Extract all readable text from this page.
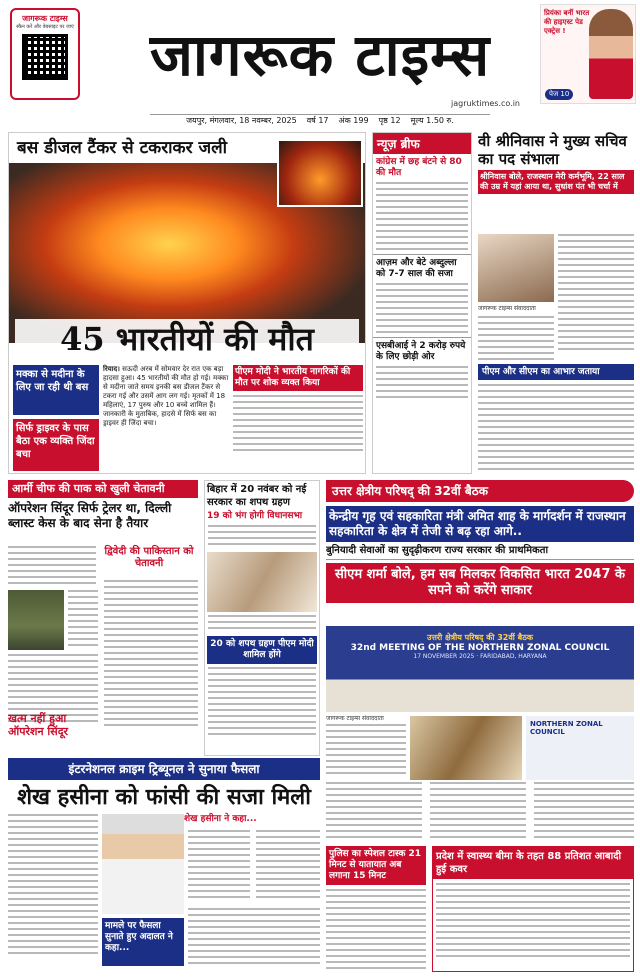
जागरूक टाइम्स
स्कैन करें और वेबसाइट पर जाएं	जागरूक टाइम्स
jagruktimes.co.in
प्रियंका बनीं भारत की हाइएस्ट पेड एक्ट्रेस !
पेज 10
जयपुर, मंगलवार, 18 नवम्बर, 2025 वर्ष 17 अंक 199 पृष्ठ 12 मूल्य 1.50 रु.
बस डीजल टैंकर से टकराकर जली
45 भारतीयों की मौत
मक्का से मदीना के लिए जा रही थी बस
सिर्फ ड्राइवर के पास बैठा एक व्यक्ति जिंदा बचा
रियाद। सऊदी अरब में सोमवार देर रात एक बड़ा हादसा हुआ। 45 भारतीयों की मौत हो गई। मक्का से मदीना जाते समय इनकी बस डीजल टैंकर से टकरा गई और उसमें आग लग गई। मृतकों में 18 महिलाएं, 17 पुरुष और 10 बच्चे शामिल हैं। जानकारी के मुताबिक, हादसे में सिर्फ बस का ड्राइवर ही जिंदा बचा।
पीएम मोदी ने भारतीय नागरिकों की मौत पर शोक व्यक्त किया
न्यूज़ ब्रीफ
कांग्रेस में छह बंटने से 80 की मौत
आज़म और बेटे अब्दुल्ला को 7-7 साल की सजा
एसबीआई ने 2 करोड़ रुपये के लिए छोड़ी ओर
वी श्रीनिवास ने मुख्य सचिव का पद संभाला
श्रीनिवास बोले, राजस्थान मेरी कर्मभूमि, 22 साल की उम्र में यहां आया था, सुधांश पंत भी चर्चा में
जागरूक टाइम्स संवाददाता
पीएम और सीएम का आभार जताया
आर्मी चीफ की पाक को खुली चेतावनी
ऑपरेशन सिंदूर सिर्फ ट्रेलर था, दिल्ली ब्लास्ट केस के बाद सेना है तैयार
द्विवेदी की पाकिस्तान को चेतावनी
खत्म नहीं हुआ ऑपरेशन सिंदूर
बिहार में 20 नवंबर को नई सरकार का शपथ ग्रहण
19 को भंग होगी विधानसभा
20 को शपथ ग्रहण पीएम मोदी शामिल होंगे
उत्तर क्षेत्रीय परिषद् की 32वीं बैठक
केन्द्रीय गृह एवं सहकारिता मंत्री अमित शाह के मार्गदर्शन में राजस्थान सहकारिता के क्षेत्र में तेजी से बढ़ रहा आगे..
बुनियादी सेवाओं का सुदृढ़ीकरण राज्य सरकार की प्राथमिकता
सीएम शर्मा बोले, हम सब मिलकर विकसित भारत 2047 के सपने को करेंगे साकार
उत्तरी क्षेत्रीय परिषद् की 32वीं बैठक
32nd MEETING OF THE NORTHERN ZONAL COUNCIL
17 NOVEMBER 2025 · FARIDABAD, HARYANA
जागरूक टाइम्स संवाददाता
NORTHERN ZONAL COUNCIL
इंटरनेशनल क्राइम ट्रिब्यूनल ने सुनाया फैसला
शेख हसीना को फांसी की सजा मिली
शेख हसीना ने कहा...
मामले पर फैसला सुनाते हुए अदालत ने कहा...
पुलिस का स्पेशल टास्क 21 मिनट से यातायात अब लगाना 15 मिनट
प्रदेश में स्वास्थ्य बीमा के तहत 88 प्रतिशत आबादी हुई कवर
